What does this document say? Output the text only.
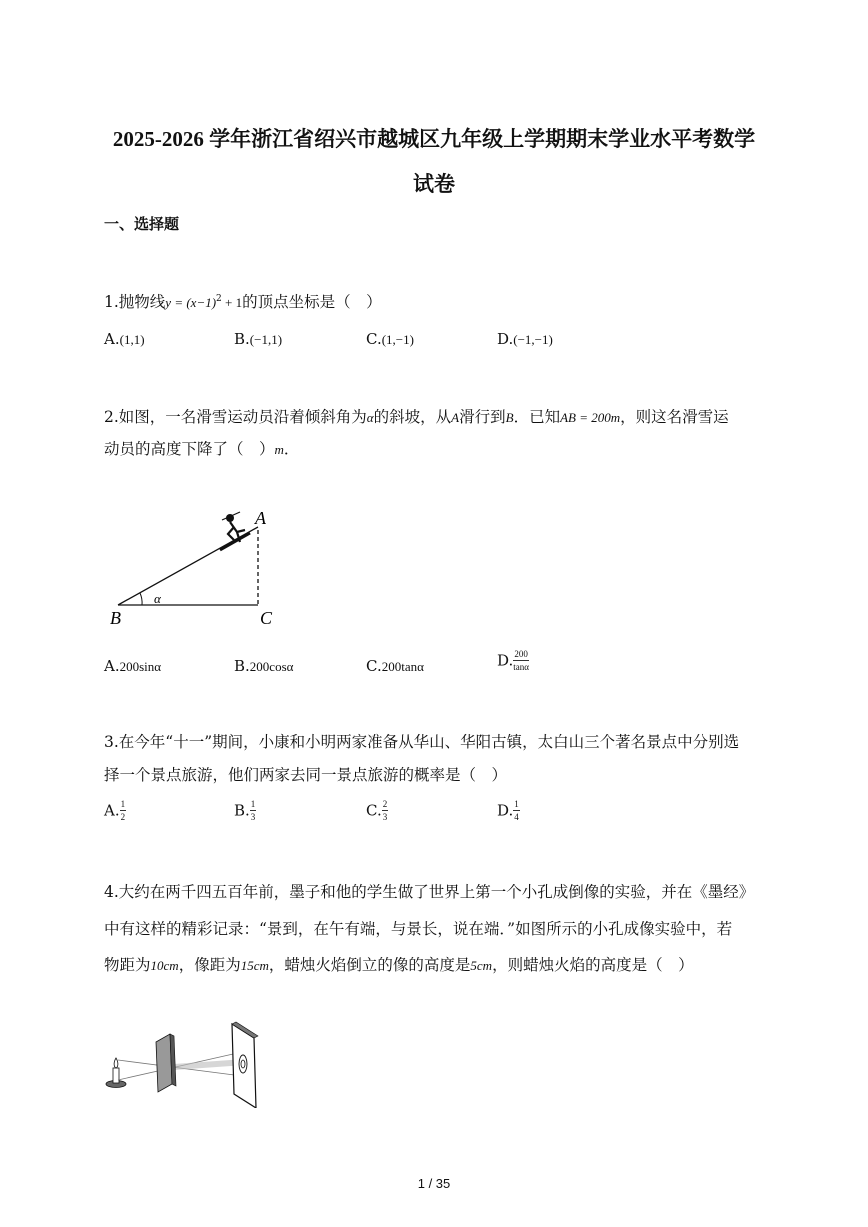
2025-2026 学年浙江省绍兴市越城区九年级上学期期末学业水平考数学
试卷
一、选择题
1.抛物线$y = (x-1)^2 + 1$的顶点坐标是（　）
A.(1,1)	B.(−1,1)	C.(1,−1)	D.(−1,−1)
2.如图，一名滑雪运动员沿着倾斜角为α的斜坡，从A滑行到B．已知AB = 200m，则这名滑雪运
动员的高度下降了（　）m．
A
B	C
α
A.200sinα	B.200cosα	C.200tanα	D. $\frac{200}{\tan\alpha}$
3.在今年“十一”期间，小康和小明两家准备从华山、华阳古镇，太白山三个著名景点中分别选
择一个景点旅游，他们两家去同一景点旅游的概率是（　）
A. $\frac{1}{2}$	B. $\frac{1}{3}$	C. $\frac{2}{3}$	D. $\frac{1}{4}$
4.大约在两千四五百年前，墨子和他的学生做了世界上第一个小孔成倒像的实验，并在《墨经》
中有这样的精彩记录：“景到，在午有端，与景长，说在端．”如图所示的小孔成像实验中，若
物距为10cm，像距为15cm，蜡烛火焰倒立的像的高度是5cm，则蜡烛火焰的高度是（　）
1 / 35
